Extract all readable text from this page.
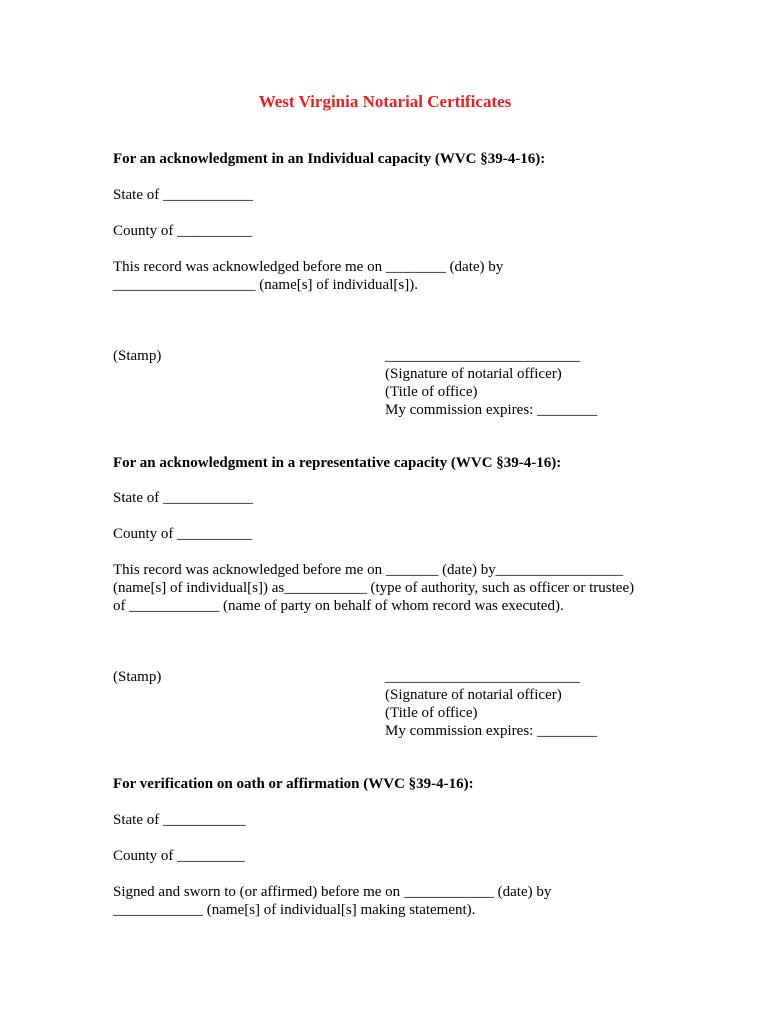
West Virginia Notarial Certificates
For an acknowledgment in an Individual capacity (WVC §39-4-16):
State of ____________
County of __________
This record was acknowledged before me on ________ (date) by
___________________ (name[s] of individual[s]).
(Stamp)	__________________________
(Signature of notarial officer)
(Title of office)
My commission expires: ________
For an acknowledgment in a representative capacity (WVC §39-4-16):
State of ____________
County of __________
This record was acknowledged before me on _______ (date) by_________________
(name[s] of individual[s]) as___________ (type of authority, such as officer or trustee)
of ____________ (name of party on behalf of whom record was executed).
(Stamp)	__________________________
(Signature of notarial officer)
(Title of office)
My commission expires: ________
For verification on oath or affirmation (WVC §39-4-16):
State of ___________
County of _________
Signed and sworn to (or affirmed) before me on ____________ (date) by
____________ (name[s] of individual[s] making statement).
